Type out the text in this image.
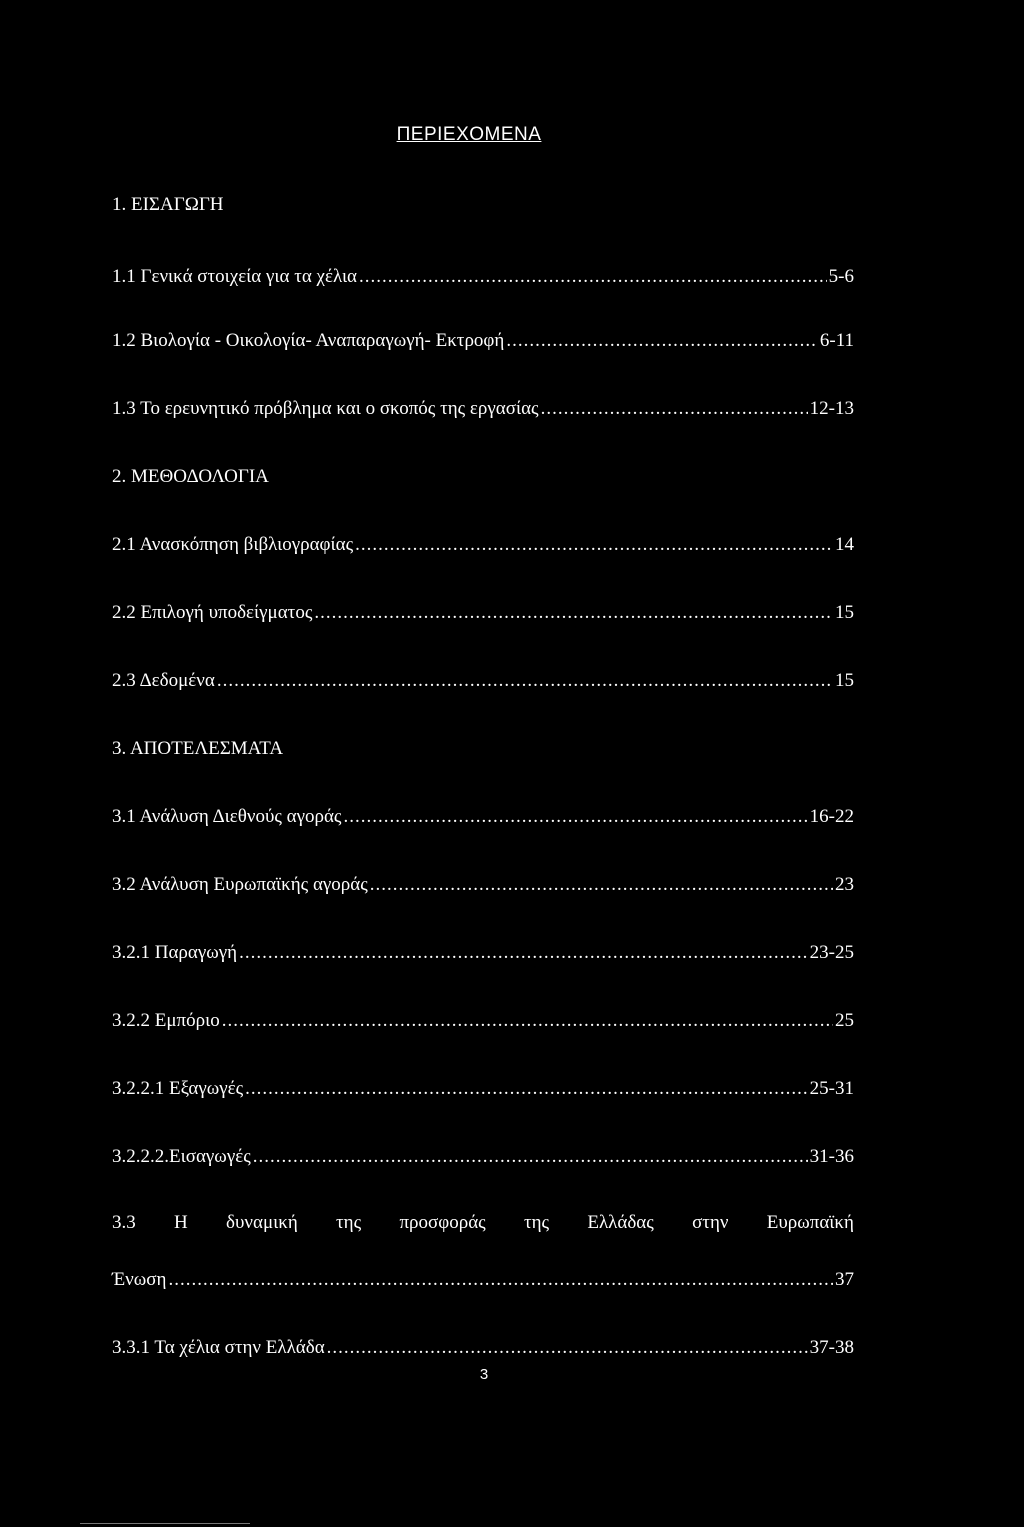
ΠΕΡΙΕΧΟΜΕΝΑ
1. ΕΙΣΑΓΩΓΗ
1.1 Γενικά στοιχεία για τα χέλια .....	5-6
1.2 Βιολογία - Οικολογία- Αναπαραγωγή- Εκτροφή .....	6-11
1.3 Το ερευνητικό πρόβλημα και ο σκοπός της εργασίας .....	12-13
2. ΜΕΘΟΔΟΛΟΓΙΑ
2.1 Ανασκόπηση βιβλιογραφίας .....	14
2.2 Επιλογή υποδείγματος .....	15
2.3 Δεδομένα .....	15
3. ΑΠΟΤΕΛΕΣΜΑΤΑ
3.1 Ανάλυση Διεθνούς αγοράς .....	16-22
3.2 Ανάλυση Ευρωπαϊκής αγοράς .....	23
3.2.1 Παραγωγή .....	23-25
3.2.2 Εμπόριο .....	25
3.2.2.1 Εξαγωγές .....	25-31
3.2.2.2.Εισαγωγές .....	31-36
3.3 Η δυναμική της προσφοράς της Ελλάδας στην Ευρωπαϊκή
Ένωση .....	37
3.3.1 Τα χέλια στην Ελλάδα .....	37-38
3
